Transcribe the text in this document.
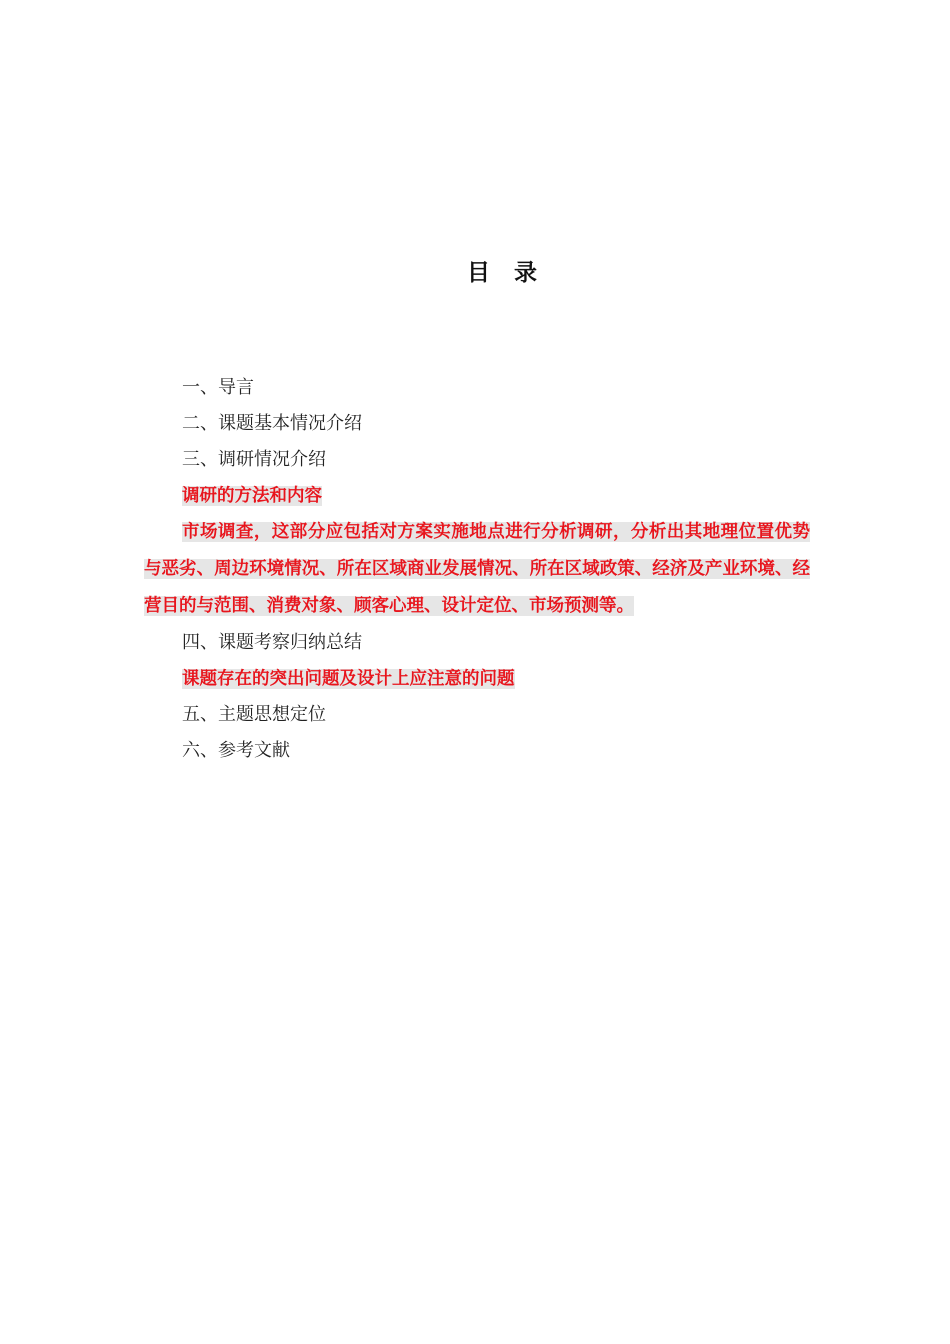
目 录
一、导言
二、课题基本情况介绍
三、调研情况介绍
调研的方法和内容
市场调查，这部分应包括对方案实施地点进行分析调研，分析出其地理位置优势与恶劣、周边环境情况、所在区域商业发展情况、所在区域政策、经济及产业环境、经营目的与范围、消费对象、顾客心理、设计定位、市场预测等。
四、课题考察归纳总结
课题存在的突出问题及设计上应注意的问题
五、主题思想定位
六、参考文献
